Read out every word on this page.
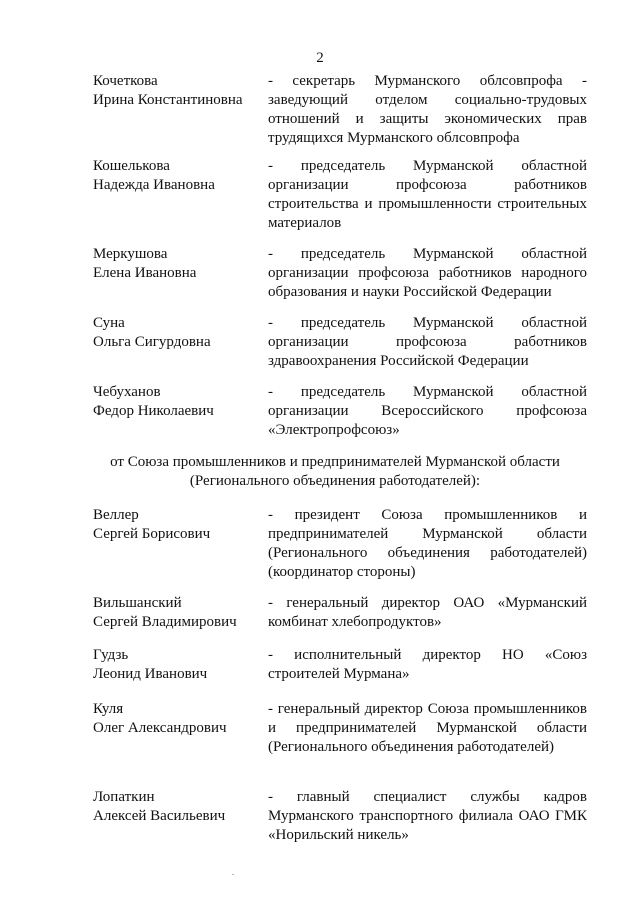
2
Кочеткова
Ирина Константиновна
- секретарь Мурманского облсовпрофа - заведующий отделом социально-трудовых отношений и защиты экономических прав трудящихся Мурманского облсовпрофа
Кошелькова
Надежда Ивановна
- председатель Мурманской областной организации профсоюза работников строительства и промышленности строительных материалов
Меркушова
Елена Ивановна
- председатель Мурманской областной организации профсоюза работников народного образования и науки Российской Федерации
Суна
Ольга Сигурдовна
- председатель Мурманской областной организации профсоюза работников здравоохранения Российской Федерации
Чебуханов
Федор Николаевич
- председатель Мурманской областной организации Всероссийского профсоюза «Электропрофсоюз»
от Союза промышленников и предпринимателей Мурманской области
(Регионального объединения работодателей):
Веллер
Сергей Борисович
- президент Союза промышленников и предпринимателей Мурманской области (Регионального объединения работодателей) (координатор стороны)
Вильшанский
Сергей Владимирович
- генеральный директор ОАО «Мурманский комбинат хлебопродуктов»
Гудзь
Леонид Иванович
- исполнительный директор НО «Союз строителей Мурмана»
Куля
Олег Александрович
- генеральный директор Союза промышленников и предпринимателей Мурманской области (Регионального объединения работодателей)
Лопаткин
Алексей Васильевич
- главный специалист службы кадров Мурманского транспортного филиала ОАО ГМК «Норильский никель»
.
